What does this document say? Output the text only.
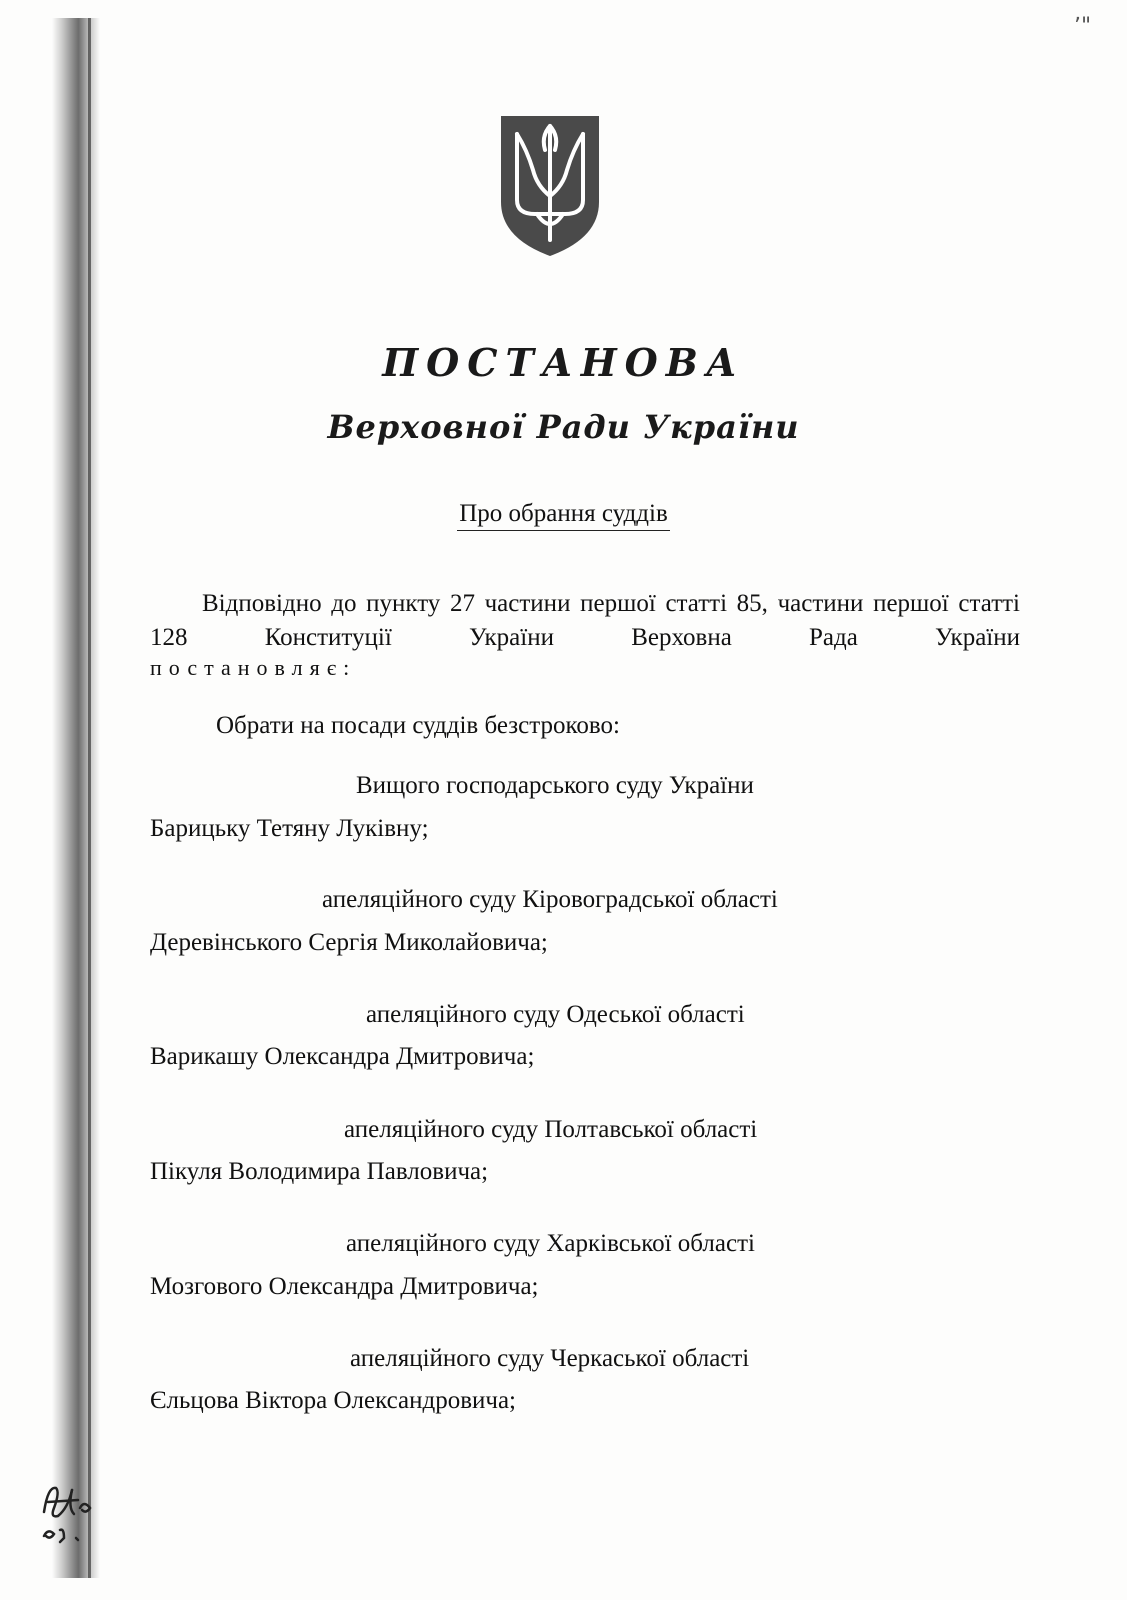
ʼ"
ПОСТАНОВА
Верховної Ради України
Про обрання суддів
Відповідно до пункту 27 частини першої статті 85, частини першої статті 128 Конституції України Верховна Рада України
постановляє:
Обрати на посади суддів безстроково:
Вищого господарського суду України
Барицьку Тетяну Луківну;
апеляційного суду Кіровоградської області
Деревінського Сергія Миколайовича;
апеляційного суду Одеської області
Варикашу Олександра Дмитровича;
апеляційного суду Полтавської області
Пікуля Володимира Павловича;
апеляційного суду Харківської області
Мозгового Олександра Дмитровича;
апеляційного суду Черкаської області
Єльцова Віктора Олександровича;
